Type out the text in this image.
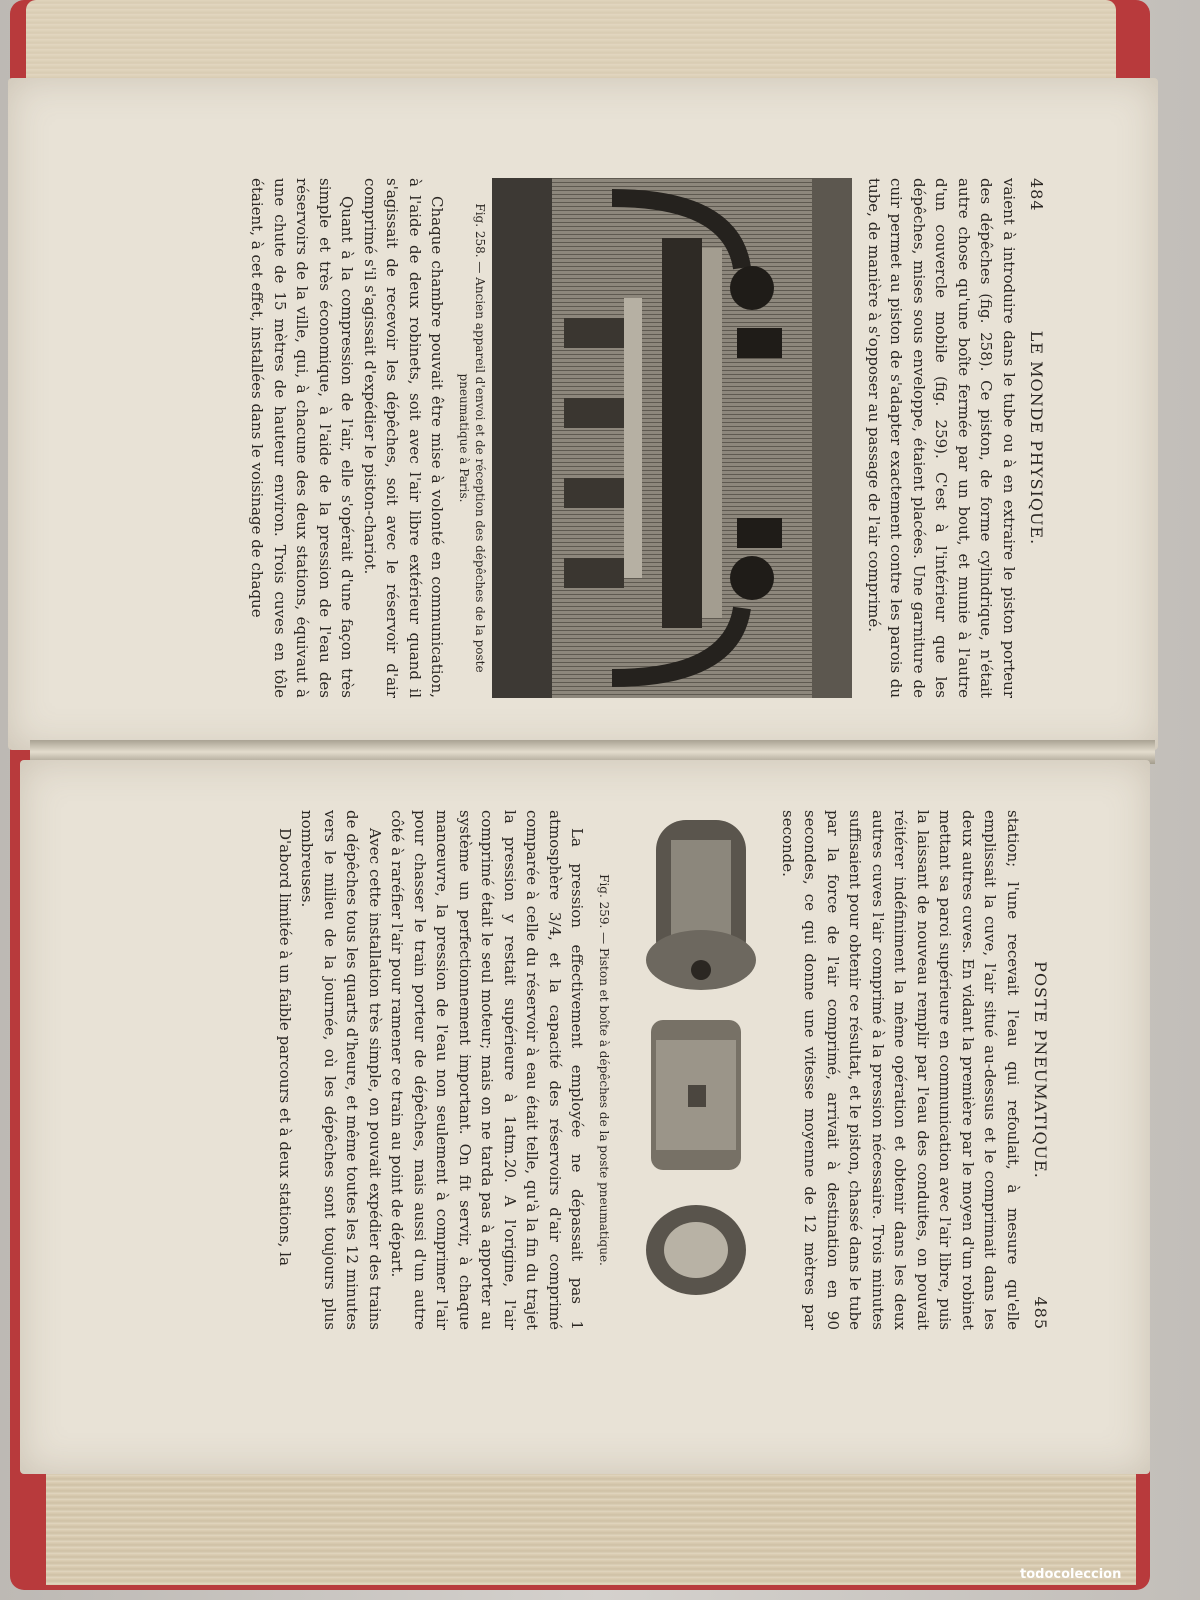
484
LE MONDE PHYSIQUE.

vaient à introduire dans le tube ou à en extraire le piston porteur des dépêches (fig. 258). Ce piston, de forme cylindrique, n'était autre chose qu'une boîte fermée par un bout, et munie à l'autre d'un couvercle mobile (fig. 259). C'est à l'intérieur que les dépêches, mises sous enveloppe, étaient placées. Une garniture de cuir permet au piston de s'adapter exactement contre les parois du tube, de manière à s'opposer au passage de l'air comprimé.

Fig. 258. — Ancien appareil d'envoi et de réception des dépêches de la poste pneumatique à Paris.

Chaque chambre pouvait être mise à volonté en communication, à l'aide de deux robinets, soit avec l'air libre extérieur quand il s'agissait de recevoir les dépêches, soit avec le réservoir d'air comprimé s'il s'agissait d'expédier le piston-chariot.

Quant à la compression de l'air, elle s'opérait d'une façon très simple et très économique, à l'aide de la pression de l'eau des réservoirs de la ville, qui, à chacune des deux stations, équivaut à une chute de 15 mètres de hauteur environ. Trois cuves en tôle étaient, à cet effet, installées dans le voisinage de chaque

POSTE PNEUMATIQUE.
485

station; l'une recevait l'eau qui refoulait, à mesure qu'elle emplissait la cuve, l'air situé au-dessus et le comprimait dans les deux autres cuves. En vidant la première par le moyen d'un robinet mettant sa paroi supérieure en communication avec l'air libre, puis la laissant de nouveau remplir par l'eau des conduites, on pouvait réitérer indéfiniment la même opération et obtenir dans les deux autres cuves l'air comprimé à la pression nécessaire. Trois minutes suffisaient pour obtenir ce résultat, et le piston, chassé dans le tube par la force de l'air comprimé, arrivait à destination en 90 secondes, ce qui donne une vitesse moyenne de 12 mètres par seconde.

Fig. 259. — Piston et boîte à dépêches de la poste pneumatique.

La pression effectivement employée ne dépassait pas 1 atmosphère 3/4, et la capacité des réservoirs d'air comprimé comparée à celle du réservoir à eau était telle, qu'à la fin du trajet la pression y restait supérieure à 1atm.20. A l'origine, l'air comprimé était le seul moteur; mais on ne tarda pas à apporter au système un perfectionnement important. On fit servir, à chaque manœuvre, la pression de l'eau non seulement à comprimer l'air pour chasser le train porteur de dépêches, mais aussi d'un autre côté à raréfier l'air pour ramener ce train au point de départ.

Avec cette installation très simple, on pouvait expédier des trains de dépêches tous les quarts d'heure, et même toutes les 12 minutes vers le milieu de la journée, où les dépêches sont toujours plus nombreuses.

D'abord limitée à un faible parcours et à deux stations, la

todocoleccion
